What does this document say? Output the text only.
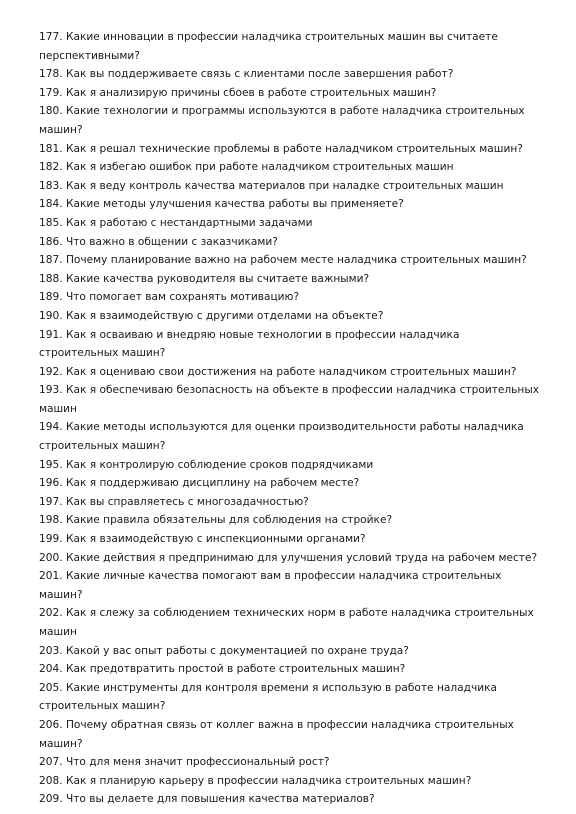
177. Какие инновации в профессии наладчика строительных машин вы считаете перспективными?
178. Как вы поддерживаете связь с клиентами после завершения работ?
179. Как я анализирую причины сбоев в работе строительных машин?
180. Какие технологии и программы используются в работе наладчика строительных машин?
181. Как я решал технические проблемы в работе наладчиком строительных машин?
182. Как я избегаю ошибок при работе наладчиком строительных машин
183. Как я веду контроль качества материалов при наладке строительных машин
184. Какие методы улучшения качества работы вы применяете?
185. Как я работаю с нестандартными задачами
186. Что важно в общении с заказчиками?
187. Почему планирование важно на рабочем месте наладчика строительных машин?
188. Какие качества руководителя вы считаете важными?
189. Что помогает вам сохранять мотивацию?
190. Как я взаимодействую с другими отделами на объекте?
191. Как я осваиваю и внедряю новые технологии в профессии наладчика строительных машин?
192. Как я оцениваю свои достижения на работе наладчиком строительных машин?
193. Как я обеспечиваю безопасность на объекте в профессии наладчика строительных машин
194. Какие методы используются для оценки производительности работы наладчика строительных машин?
195. Как я контролирую соблюдение сроков подрядчиками
196. Как я поддерживаю дисциплину на рабочем месте?
197. Как вы справляетесь с многозадачностью?
198. Какие правила обязательны для соблюдения на стройке?
199. Как я взаимодействую с инспекционными органами?
200. Какие действия я предпринимаю для улучшения условий труда на рабочем месте?
201. Какие личные качества помогают вам в профессии наладчика строительных машин?
202. Как я слежу за соблюдением технических норм в работе наладчика строительных машин
203. Какой у вас опыт работы с документацией по охране труда?
204. Как предотвратить простой в работе строительных машин?
205. Какие инструменты для контроля времени я использую в работе наладчика строительных машин?
206. Почему обратная связь от коллег важна в профессии наладчика строительных машин?
207. Что для меня значит профессиональный рост?
208. Как я планирую карьеру в профессии наладчика строительных машин?
209. Что вы делаете для повышения качества материалов?
